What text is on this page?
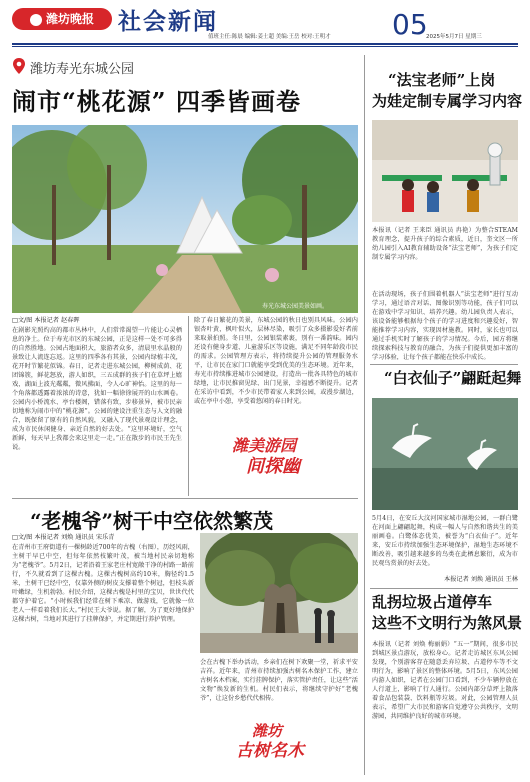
潍坊晚报	社会新闻	05
值班主任:陈晨 编辑:姜士超 美编:王岳 校对:王明才	2025年5月7日 星期三
潍坊寿光东城公园
闹市“桃花源” 四季皆画卷
寿光东城公园美景如画。
□文/图 本报记者 赵春晖
在剧影光照灼高的都市丛林中，人们常常渴望一片能让心灵栖息的净土。位于寿光市区的东城公园，正是这样一处不可多得的自然胜地。公园占地面积大，旅游者众多，清晨里水晶般的景致让人流连忘返。这里的四季各有其景，公园内绿植丰茂，花开时节繁花似锦。春日，记者走进东城公园，柳树成荫、花团锦簇，鲜花怒放，游人如织，三五成群的孩子们在草坪上嬉戏，湖面上波光粼粼，微风拂面，令人心旷神怡。这里的每一个角落都透露着浓浓的诗意，犹如一幅徐徐展开的山水画卷。公园内小桥流水、亭台楼阁，错落有致，步移景异，被市民亲切地称为闹市中的“桃花源”。公园的建设注重生态与人文的融合，既保留了原有的自然风貌，又融入了现代景观设计理念，成为市民休闲健身、亲近自然的好去处。“这里环境好，空气新鲜，每天早上我都会来这里走一走。”正在散步的市民王先生说。
除了春日繁花的美景，东城公园的秋日也别具风味。公园内银杏叶黄，枫叶似火，层林尽染，吸引了众多摄影爱好者前来取景拍照。冬日里，公园银装素裹，别有一番韵味。园内还设有健身步道、儿童游乐区等设施，满足不同年龄段市民的需求。公园管理方表示，将持续提升公园的管理服务水平，让市民在家门口就能享受到优美的生态环境。近年来，寿光市持续推进城市公园建设，打造出一批各具特色的城市绿地，让市民推窗见绿、出门见景，幸福感不断提升。记者在采访中看到，不少市民带着家人来到公园，或漫步湖边，或在亭中小憩，享受着悠闲的春日时光。
潍美游园
间探幽
“老槐爷”树干中空依然繁茂
□文/图 本报记者 刘焕 通讯员 宋乐青
在青州市王府街道有一棵树龄近700年的古槐（右图），历经风雨，主树干早已中空，但每年依然枝繁叶茂，被当地村民亲切地称为“老槐爷”。5月2日，记者沿着王家老庄村宽敞干净的村路一路前行，不久就看到了这棵古槐。这棵古槐树高约10米，胸径约1.5米，主树干已经中空，仅靠外侧的树皮支撑着整个树冠，但枝头新叶嫩绿，生机勃勃。村民介绍，这棵古槐是村里的宝贝，世世代代都守护着它。“小时候我们经常在树下乘凉、做游戏，它就像一位老人一样看着我们长大。”村民王大爷说。据了解，为了更好地保护这棵古树，当地对其进行了挂牌保护，并定期进行养护管理。
会在古槐下举办活动，乡亲们在树下欢聚一堂，祈求平安吉祥。近年来，青州市持续加强古树名木保护工作，建立古树名木档案，实行挂牌保护，落实管护责任，让这些“活文物”焕发新的生机。村民们表示，将继续守护好“老槐爷”，让这份乡愁代代相传。
潍坊
古树名木
“法宝老师”上岗
为娃定制专属学习内容
本报讯（记者 王来臣 通讯员 冉艳）为整合STEAM教育理念，提升孩子的综合素质，近日，奎文区一所幼儿园引入AI教育辅助设备“法宝老师”，为孩子们定制专属学习内容。
在活动现场，孩子们围着机器人“法宝老师”进行互动学习，通过语音对话、图像识别等功能，孩子们可以在游戏中学习知识、培养兴趣。幼儿园负责人表示，该设备能够根据每个孩子的学习进度和兴趣爱好，智能推荐学习内容，实现因材施教。同时，家长也可以通过手机实时了解孩子的学习情况。今后，园方将继续探索科技与教育的融合，为孩子们提供更加丰富的学习体验，让每个孩子都能在快乐中成长。
“白衣仙子”翩跹起舞
5月4日，在安丘大汶河国家城市湿地公园，一群白鹭在河面上翩翩起舞，构成一幅人与自然和谐共生的美丽画卷。白鹭体态优美，被誉为“白衣仙子”。近年来，安丘市持续加强生态环境保护，湿地生态环境不断改善，吸引越来越多的鸟类在此栖息繁衍，成为市民观鸟赏景的好去处。
本报记者 刘焕 通讯员 王林
乱拐垃圾占道停车
这些不文明行为煞风景
本报讯（记者 刘焕 梅丽娟）“五一”期间，很多市民到城区景点游玩，放松身心。记者走访城区东风公园发现，个别游客存在随意丢弃垃圾、占道停车等不文明行为，影响了景区的整体环境。5月5日，东风公园内游人如织，记者在公园门口看到，不少车辆停放在人行道上，影响了行人通行。公园内部分草坪上散落着食品包装袋、饮料瓶等垃圾。对此，公园管理人员表示，希望广大市民和游客自觉遵守公共秩序，文明游园，共同维护良好的城市环境。
